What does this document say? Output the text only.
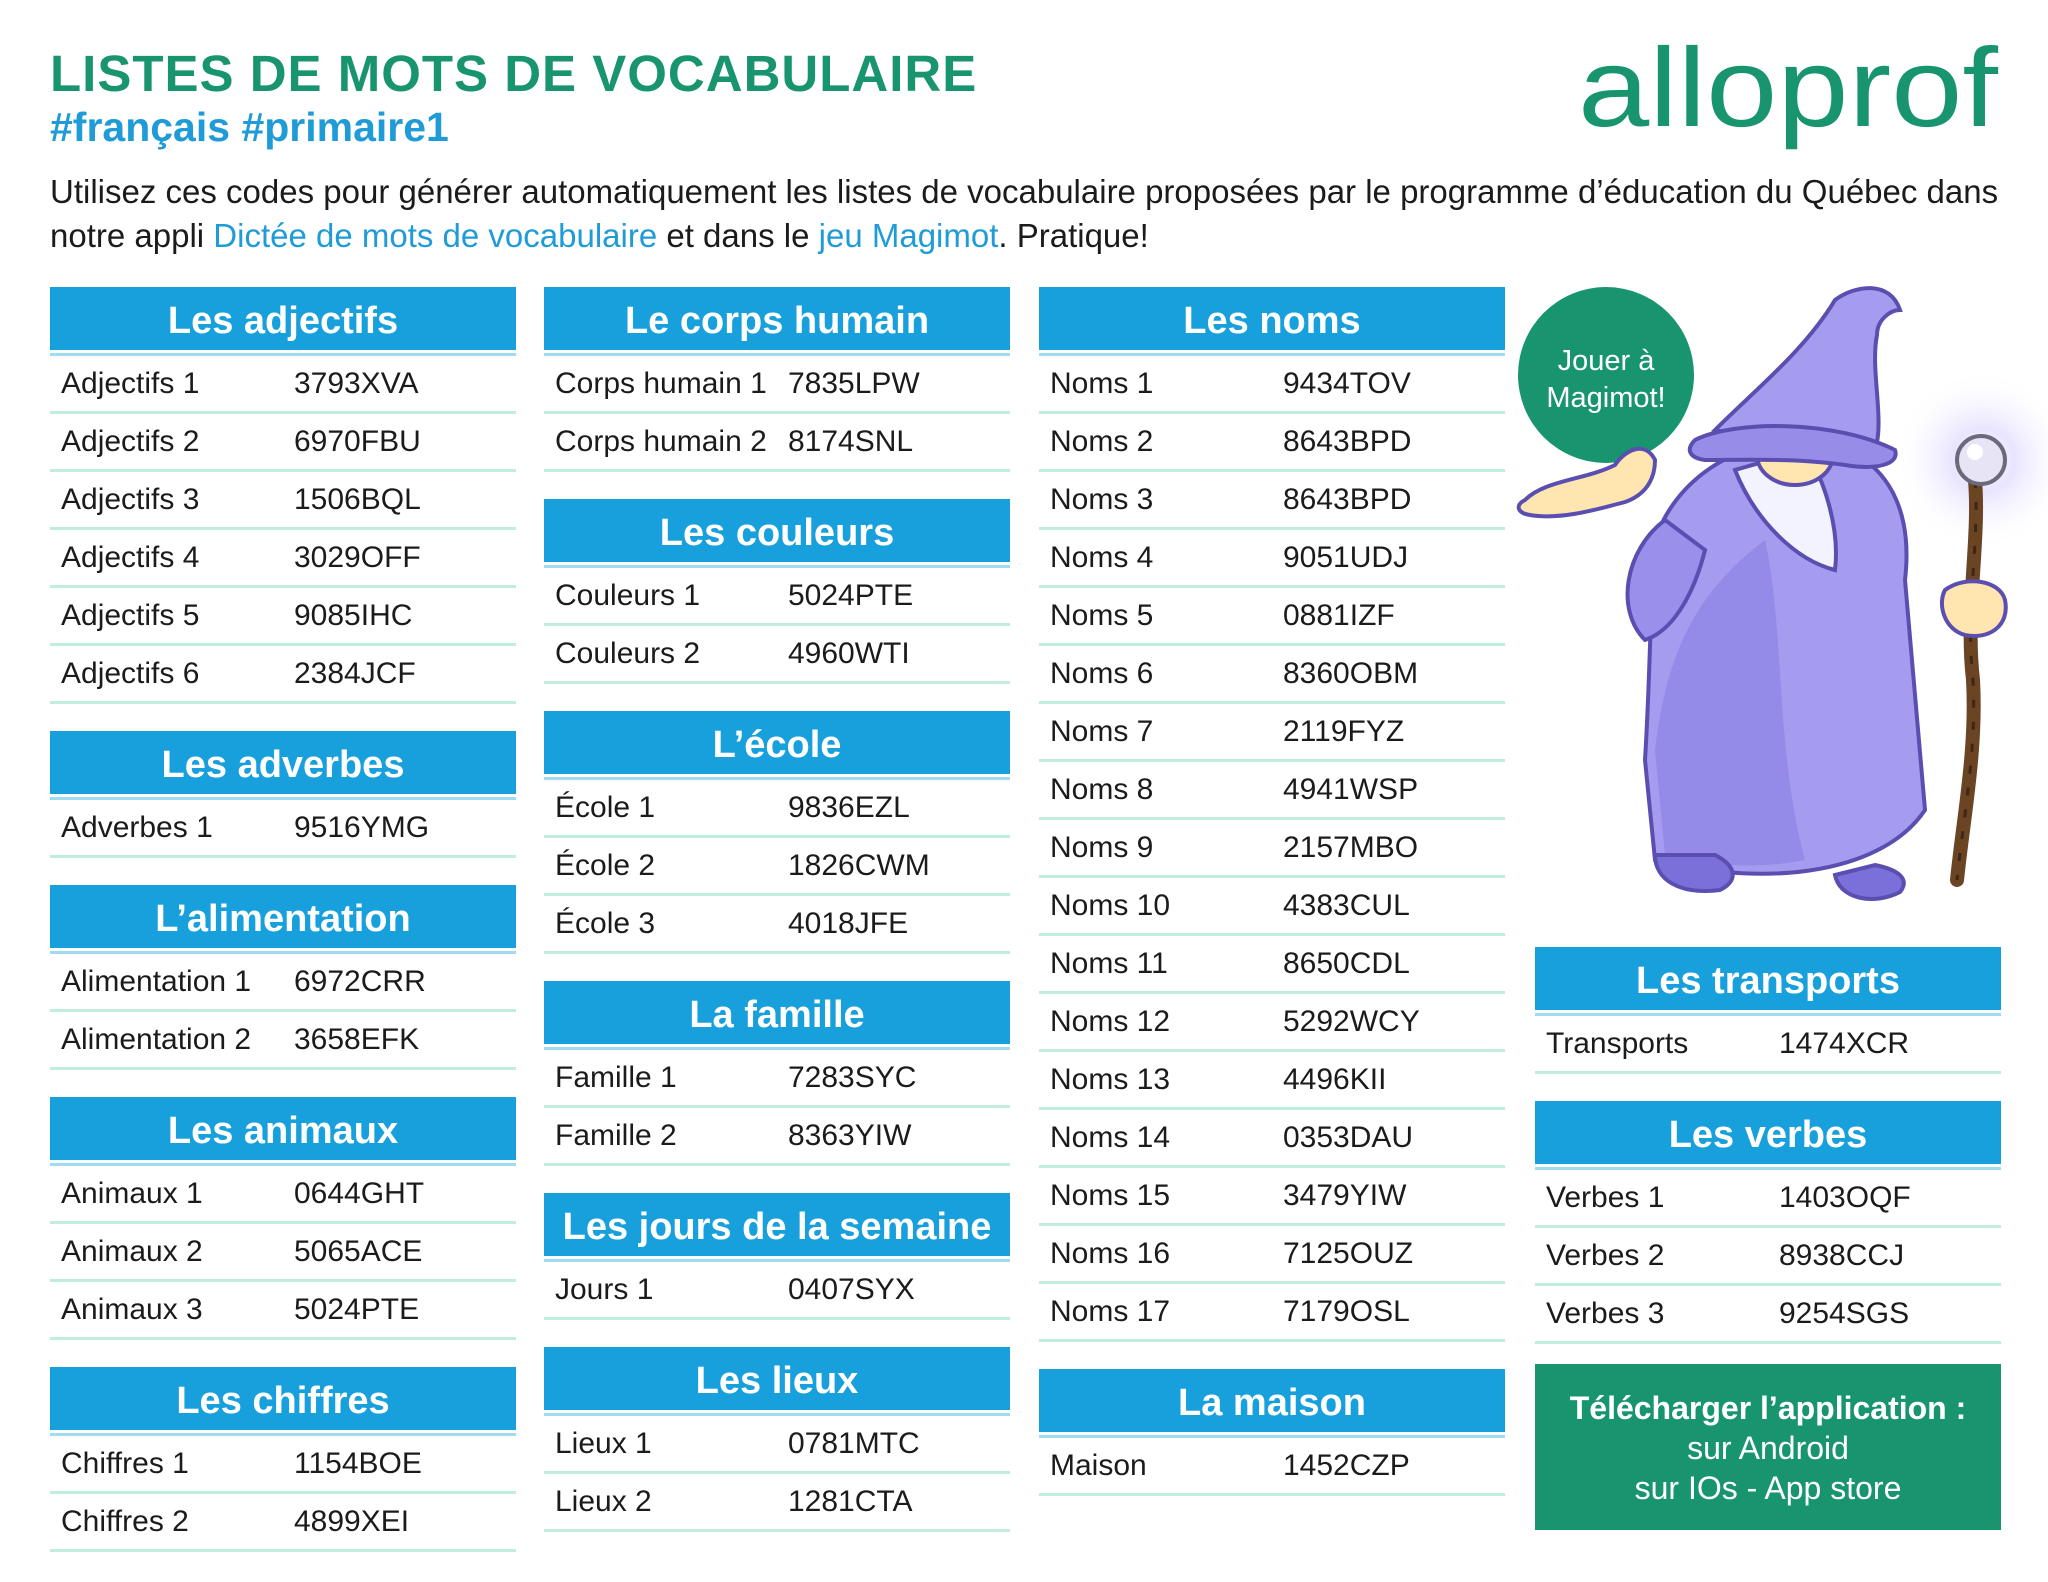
LISTES DE MOTS DE VOCABULAIRE
#français #primaire1	alloprof
Utilisez ces codes pour générer automatiquement les listes de vocabulaire proposées par le programme d’éducation du Québec dans notre appli Dictée de mots de vocabulaire et dans le jeu Magimot. Pratique!
Les adjectifs
Adjectifs 1	3793XVA
Adjectifs 2	6970FBU
Adjectifs 3	1506BQL
Adjectifs 4	3029OFF
Adjectifs 5	9085IHC
Adjectifs 6	2384JCF
Les adverbes
Adverbes 1	9516YMG
L’alimentation
Alimentation 1	6972CRR
Alimentation 2	3658EFK
Les animaux
Animaux 1	0644GHT
Animaux 2	5065ACE
Animaux 3	5024PTE
Les chiffres
Chiffres 1	1154BOE
Chiffres 2	4899XEI
Le corps humain
Corps humain 1 7835LPW
Corps humain 2 8174SNL
Les couleurs
Couleurs 1	5024PTE
Couleurs 2	4960WTI
L’école
École 1	9836EZL
École 2	1826CWM
École 3	4018JFE
La famille
Famille 1	7283SYC
Famille 2	8363YIW
Les jours de la semaine
Jours 1	0407SYX
Les lieux
Lieux 1	0781MTC
Lieux 2	1281CTA
Les noms
Noms 1	9434TOV
Noms 2	8643BPD
Noms 3	8643BPD
Noms 4	9051UDJ
Noms 5	0881IZF
Noms 6	8360OBM
Noms 7	2119FYZ
Noms 8	4941WSP
Noms 9	2157MBO
Noms 10	4383CUL
Noms 11	8650CDL
Noms 12	5292WCY
Noms 13	4496KII
Noms 14	0353DAU
Noms 15	3479YIW
Noms 16	7125OUZ
Noms 17	7179OSL
La maison
Maison	1452CZP
Les transports
Transports	1474XCR
Les verbes
Verbes 1	1403OQF
Verbes 2	8938CCJ
Verbes 3	9254SGS
Jouer à
Magimot!
Télécharger l’application :
sur Android
sur IOs - App store
